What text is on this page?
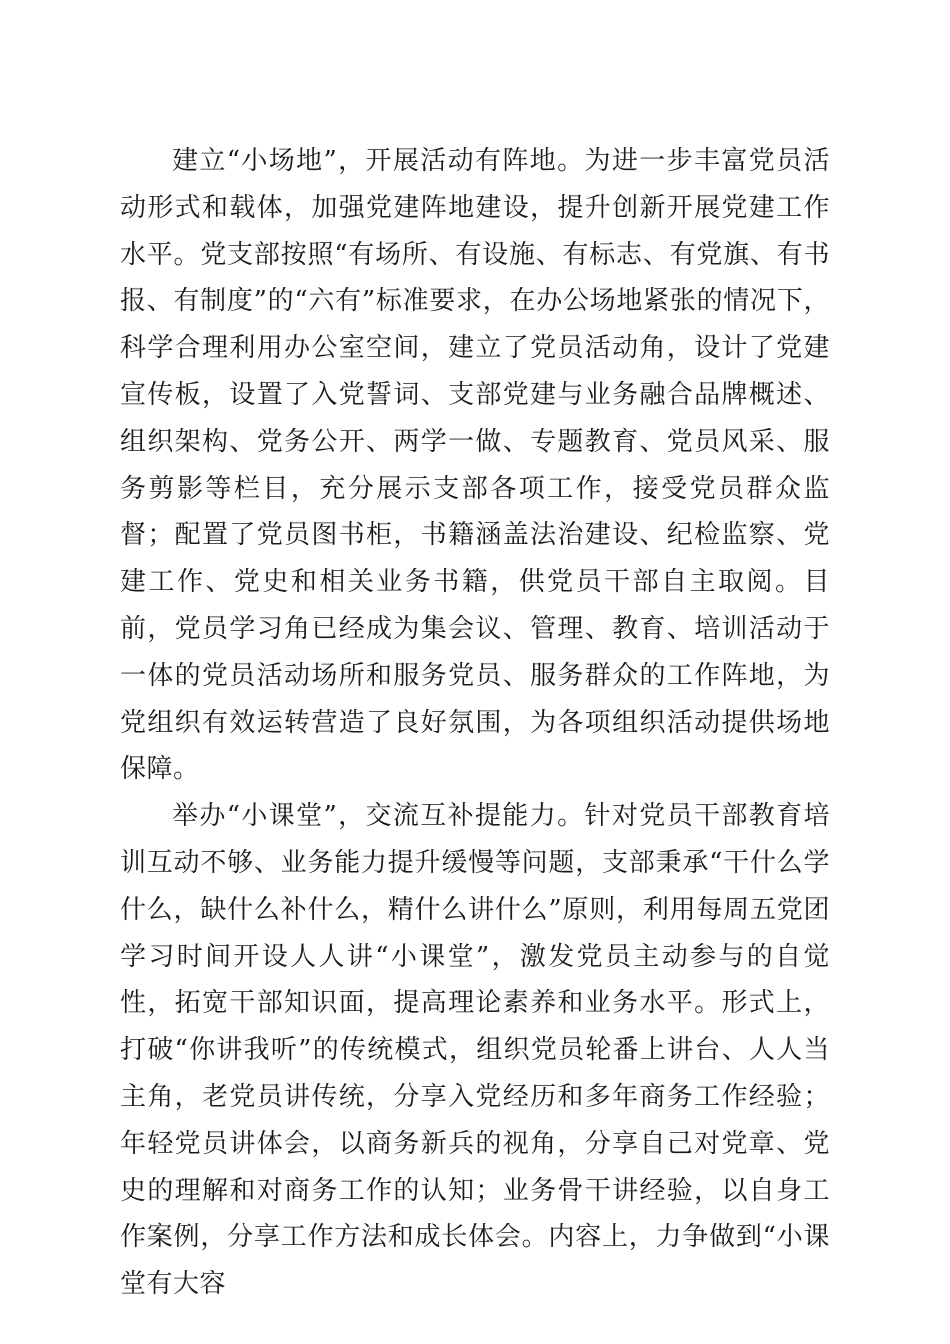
建立“小场地”，开展活动有阵地。为进一步丰富党员活动形式和载体，加强党建阵地建设，提升创新开展党建工作水平。党支部按照“有场所、有设施、有标志、有党旗、有书报、有制度”的“六有”标准要求，在办公场地紧张的情况下，科学合理利用办公室空间，建立了党员活动角，设计了党建宣传板，设置了入党誓词、支部党建与业务融合品牌概述、组织架构、党务公开、两学一做、专题教育、党员风采、服务剪影等栏目，充分展示支部各项工作，接受党员群众监督；配置了党员图书柜，书籍涵盖法治建设、纪检监察、党建工作、党史和相关业务书籍，供党员干部自主取阅。目前，党员学习角已经成为集会议、管理、教育、培训活动于一体的党员活动场所和服务党员、服务群众的工作阵地，为党组织有效运转营造了良好氛围，为各项组织活动提供场地保障。

举办“小课堂”，交流互补提能力。针对党员干部教育培训互动不够、业务能力提升缓慢等问题，支部秉承“干什么学什么，缺什么补什么，精什么讲什么”原则，利用每周五党团学习时间开设人人讲“小课堂”，激发党员主动参与的自觉性，拓宽干部知识面，提高理论素养和业务水平。形式上，打破“你讲我听”的传统模式，组织党员轮番上讲台、人人当主角，老党员讲传统，分享入党经历和多年商务工作经验；年轻党员讲体会，以商务新兵的视角，分享自己对党章、党史的理解和对商务工作的认知；业务骨干讲经验，以自身工作案例，分享工作方法和成长体会。内容上，力争做到“小课堂有大容
